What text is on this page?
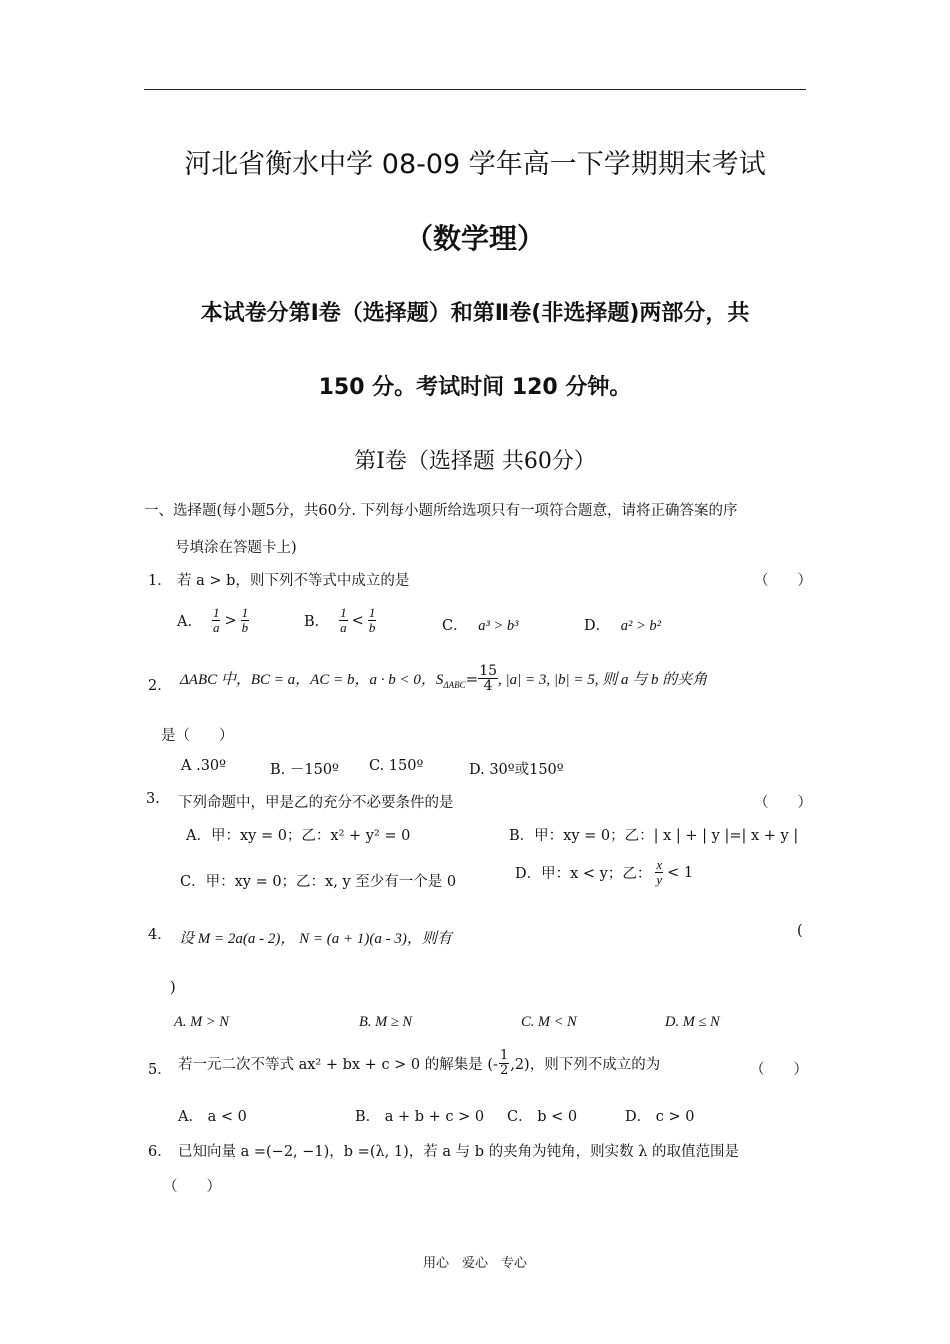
河北省衡水中学 08-09 学年高一下学期期末考试
（数学理）
本试卷分第Ⅰ卷（选择题）和第Ⅱ卷(非选择题)两部分，共
150 分。考试时间 120 分钟。
第Ⅰ卷（选择题 共60分）
一、选择题(每小题5分，共60分. 下列每小题所给选项只有一项符合题意，请将正确答案的序
号填涂在答题卡上)
1． 若 a > b，则下列不等式中成立的是	（　　）
A． $\frac{1}{a} > \frac{1}{b}$	B． $\frac{1}{a} < \frac{1}{b}$	C． a³ > b³	D． a² > b²
2． ΔABC 中，BC = a，AC = b，a · b < 0，S $\Delta ABC = \frac{15}{4}$ , |a| = 3, |b| = 5, 则 a 与 b 的夹角
是（　　）
A .30º	B. －150º C. 150º	D. 30º或150º
3. 下列命题中，甲是乙的充分不必要条件的是	（　　）
A．甲：xy = 0；乙：x² + y² = 0	B．甲：xy = 0；乙：| x | + | y |=| x + y |
C．甲：xy = 0；乙：x, y 至少有一个是 0	D．甲：x < y；乙： $\frac{x}{y} < 1$
4． 设 M = 2a(a - 2)， N = (a + 1)(a - 3)，则有	(
)
A. M > N	B. M ≥ N	C. M < N	D. M ≤ N
5． 若一元二次不等式 ax² + bx + c > 0 的解集是 (- $\frac{1}{2} ,2$)，则下列不成立的为	（　　）
A． a < 0	B． a + b + c > 0 C． b < 0	D． c > 0
6． 已知向量 a =(−2, −1)，b =(λ, 1)，若 a 与 b 的夹角为钝角，则实数 λ 的取值范围是
（　　）
用心　爱心　专心
